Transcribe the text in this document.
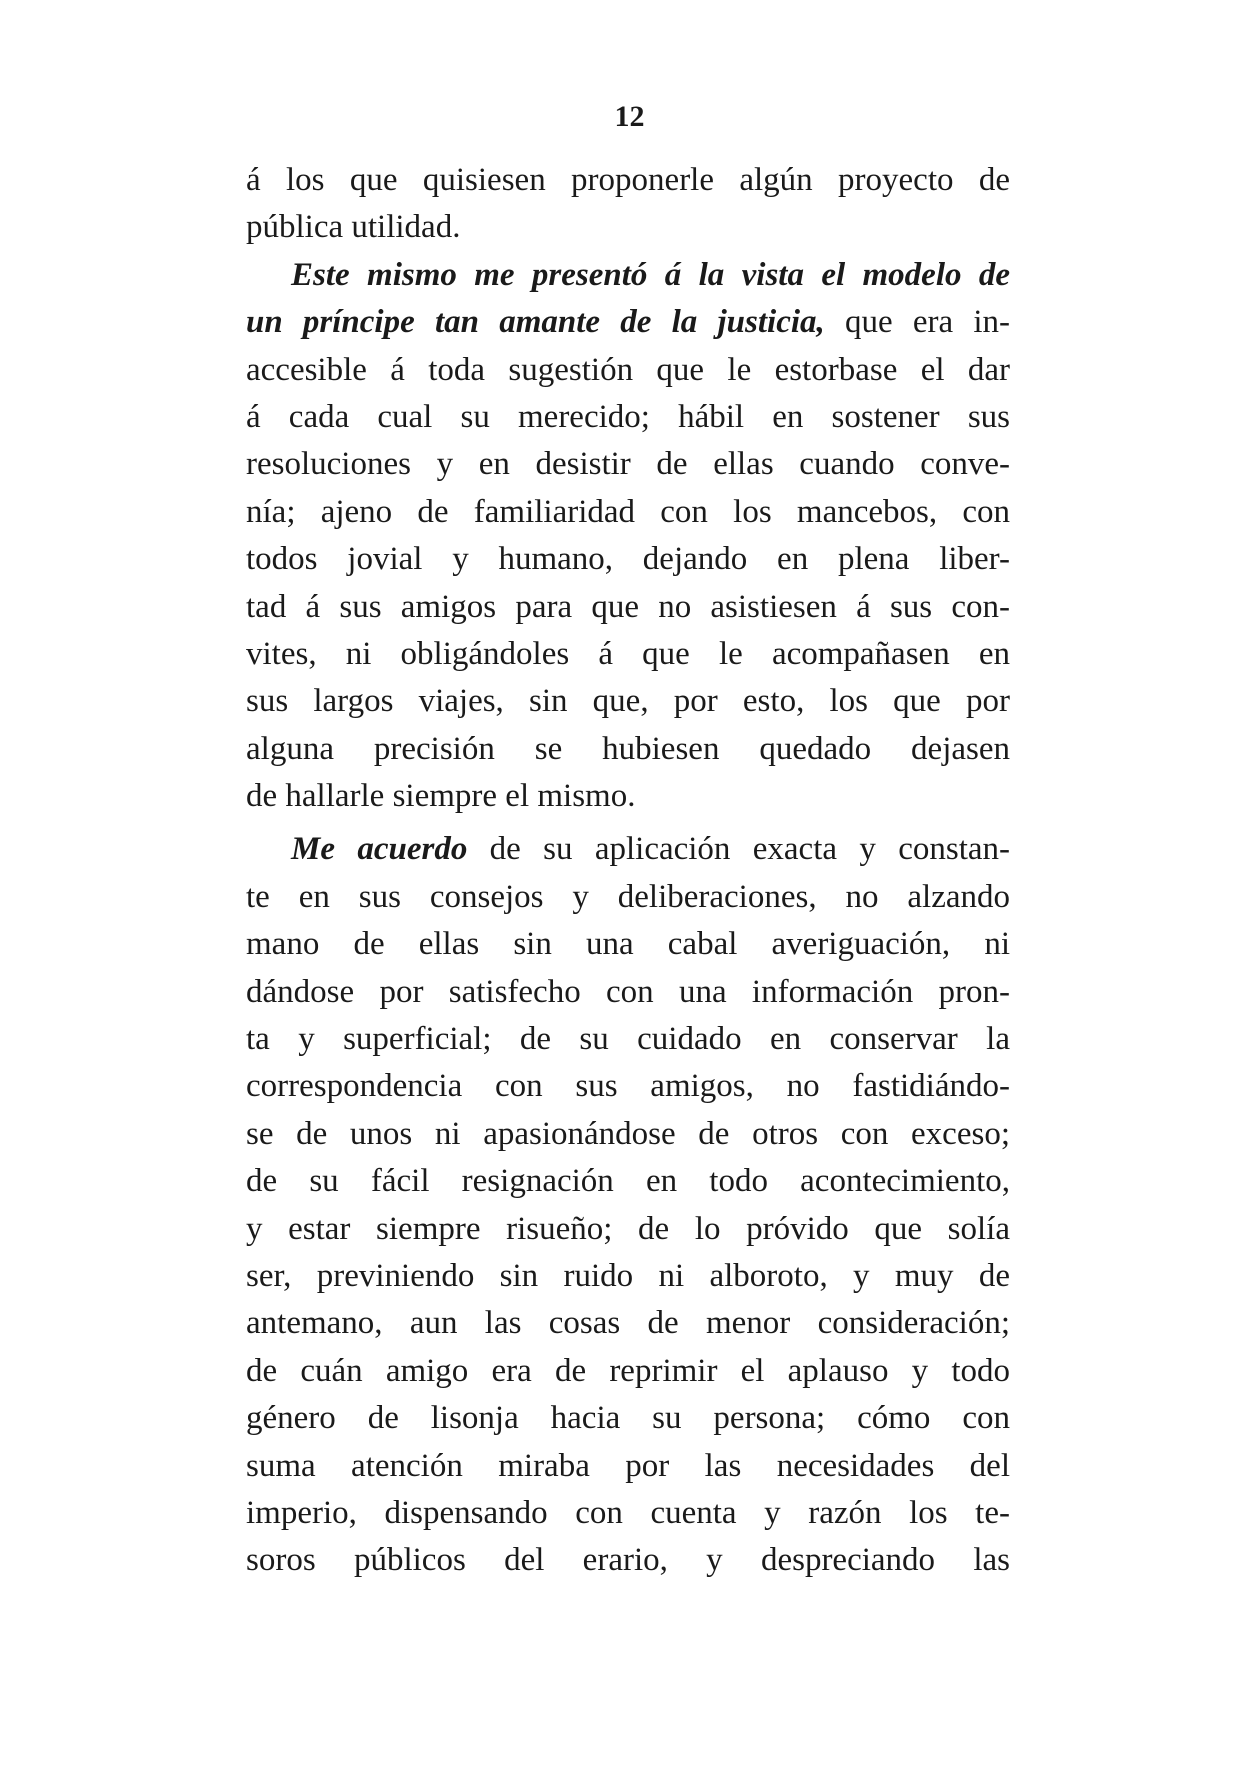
12

á los que quisiesen proponerle algún proyecto de
pública utilidad.
Este mismo me presentó á la vista el modelo de
un príncipe tan amante de la justicia, que era in-
accesible á toda sugestión que le estorbase el dar
á cada cual su merecido; hábil en sostener sus
resoluciones y en desistir de ellas cuando conve-
nía; ajeno de familiaridad con los mancebos, con
todos jovial y humano, dejando en plena liber-
tad á sus amigos para que no asistiesen á sus con-
vites, ni obligándoles á que le acompañasen en
sus largos viajes, sin que, por esto, los que por
alguna precisión se hubiesen quedado dejasen
de hallarle siempre el mismo.
Me acuerdo de su aplicación exacta y constan-
te en sus consejos y deliberaciones, no alzando
mano de ellas sin una cabal averiguación, ni
dándose por satisfecho con una información pron-
ta y superficial; de su cuidado en conservar la
correspondencia con sus amigos, no fastidiándo-
se de unos ni apasionándose de otros con exceso;
de su fácil resignación en todo acontecimiento,
y estar siempre risueño; de lo próvido que solía
ser, previniendo sin ruido ni alboroto, y muy de
antemano, aun las cosas de menor consideración;
de cuán amigo era de reprimir el aplauso y todo
género de lisonja hacia su persona; cómo con
suma atención miraba por las necesidades del
imperio, dispensando con cuenta y razón los te-
soros públicos del erario, y despreciando las
